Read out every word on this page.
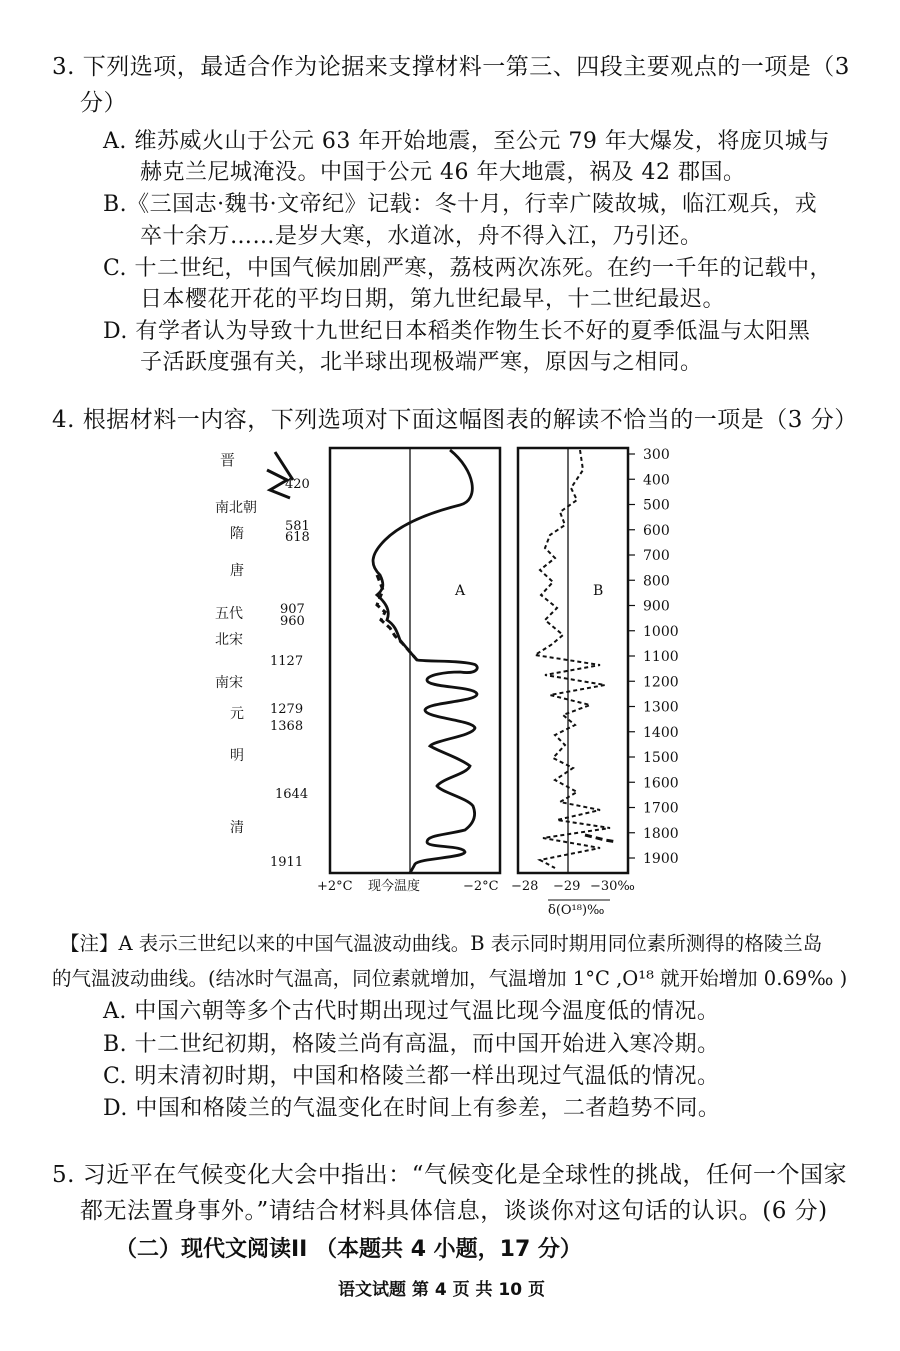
3. 下列选项，最适合作为论据来支撑材料一第三、四段主要观点的一项是（3
分）
A. 维苏威火山于公元 63 年开始地震，至公元 79 年大爆发，将庞贝城与
赫克兰尼城淹没。中国于公元 46 年大地震，祸及 42 郡国。
B.《三国志·魏书·文帝纪》记载：冬十月，行幸广陵故城，临江观兵，戎
卒十余万……是岁大寒，水道冰，舟不得入江，乃引还。
C. 十二世纪，中国气候加剧严寒，荔枝两次冻死。在约一千年的记载中，
日本樱花开花的平均日期，第九世纪最早，十二世纪最迟。
D. 有学者认为导致十九世纪日本稻类作物生长不好的夏季低温与太阳黑
子活跃度强有关，北半球出现极端严寒，原因与之相同。
4. 根据材料一内容，下列选项对下面这幅图表的解读不恰当的一项是（3 分）
晋
南北朝
隋
唐
五代
北宋
南宋
元
明
清
420
581
618
907
960
1127
1279
1368
1644
1911
A	B
300
400
500
600
700
800
900
1000
1100
1200
1300
1400
1500
1600
1700
1800
1900
+2°C 现今温度	−2°C −28 −29 −30‰
δ(O¹⁸)‰
【注】A 表示三世纪以来的中国气温波动曲线。B 表示同时期用同位素所测得的格陵兰岛
的气温波动曲线。(结冰时气温高，同位素就增加，气温增加 1°C ,O¹⁸ 就开始增加 0.69‰ )
A. 中国六朝等多个古代时期出现过气温比现今温度低的情况。
B. 十二世纪初期，格陵兰尚有高温，而中国开始进入寒冷期。
C. 明末清初时期，中国和格陵兰都一样出现过气温低的情况。
D. 中国和格陵兰的气温变化在时间上有参差，二者趋势不同。
5. 习近平在气候变化大会中指出：“气候变化是全球性的挑战，任何一个国家
都无法置身事外。”请结合材料具体信息，谈谈你对这句话的认识。(6 分)
（二）现代文阅读II （本题共 4 小题，17 分）
语文试题 第 4 页 共 10 页
